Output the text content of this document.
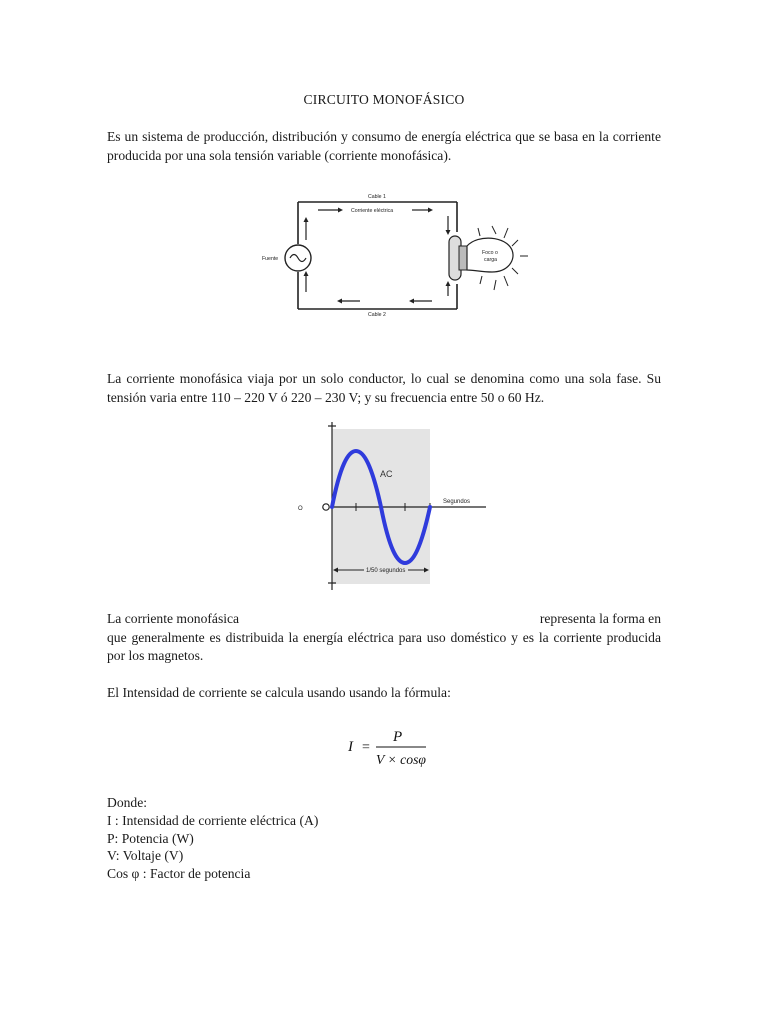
CIRCUITO MONOFÁSICO

Es un sistema de producción, distribución y consumo de energía eléctrica que se basa en la corriente producida por una sola tensión variable (corriente monofásica).

Fuente
Cable 1
Corriente eléctrica
Foco o
carga
Cable 2

La corriente monofásica viaja por un solo conductor, lo cual se denomina como una sola fase. Su tensión varia entre 110 – 220 V ó 220 – 230 V; y su frecuencia entre 50 o 60 Hz.

O
AC
Segundos
1/50 segundos
La corriente monofásica	representa la forma en
que generalmente es distribuida la energía eléctrica para uso doméstico y es la corriente producida por los magnetos.

El Intensidad de corriente se calcula usando usando la fórmula:

I =
P
V × cosφ
Donde:
I : Intensidad de corriente eléctrica (A)
P: Potencia (W)
V: Voltaje (V)
Cos φ : Factor de potencia
